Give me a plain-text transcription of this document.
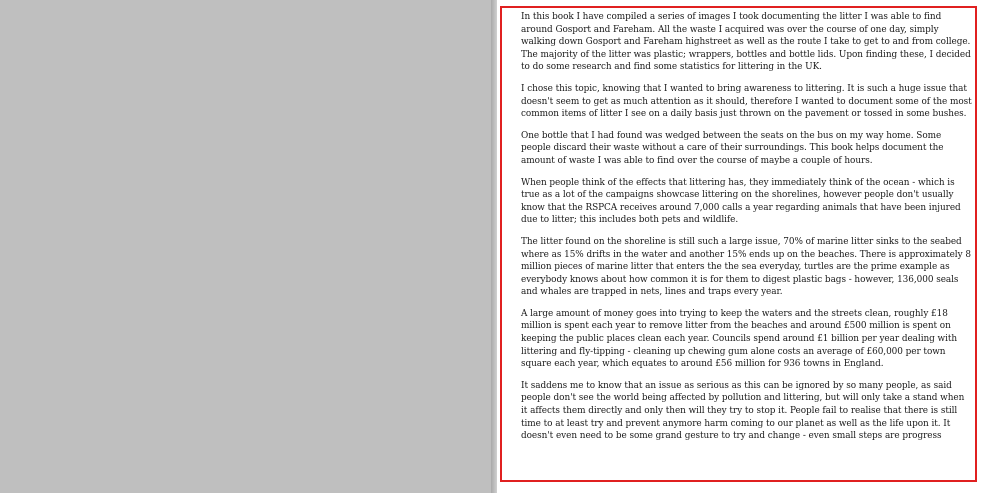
In this book I have compiled a series of images I took documenting the litter I was able to find around Gosport and Fareham. All the waste I acquired was over the course of one day, simply walking down Gosport and Fareham highstreet as well as the route I take to get to and from college. The majority of the litter was plastic; wrappers, bottles and bottle lids. Upon finding these, I decided to do some research and find some statistics for littering in the UK.

I chose this topic, knowing that I wanted to bring awareness to littering. It is such a huge issue that doesn't seem to get as much attention as it should, therefore I wanted to document some of the most common items of litter I see on a daily basis just thrown on the pavement or tossed in some bushes.

One bottle that I had found was wedged between the seats on the bus on my way home. Some people discard their waste without a care of their surroundings. This book helps document the amount of waste I was able to find over the course of maybe a couple of hours.

When people think of the effects that littering has, they immediately think of the ocean - which is true as a lot of the campaigns showcase littering on the shorelines, however people don't usually know that the RSPCA receives around 7,000 calls a year regarding animals that have been injured due to litter; this includes both pets and wildlife.

The litter found on the shoreline is still such a large issue, 70% of marine litter sinks to the seabed where as 15% drifts in the water and another 15% ends up on the beaches. There is approximately 8 million pieces of marine litter that enters the the sea everyday, turtles are the prime example as everybody knows about how common it is for them to digest plastic bags - however, 136,000 seals and whales are trapped in nets, lines and traps every year.

A large amount of money goes into trying to keep the waters and the streets clean, roughly £18 million is spent each year to remove litter from the beaches and around £500 million is spent on keeping the public places clean each year. Councils spend around £1 billion per year dealing with littering and fly-tipping - cleaning up chewing gum alone costs an average of £60,000 per town square each year, which equates to around £56 million for 936 towns in England.

It saddens me to know that an issue as serious as this can be ignored by so many people, as said people don't see the world being affected by pollution and littering, but will only take a stand when it affects them directly and only then will they try to stop it. People fail to realise that there is still time to at least try and prevent anymore harm coming to our planet as well as the life upon it. It doesn't even need to be some grand gesture to try and change - even small steps are progress
